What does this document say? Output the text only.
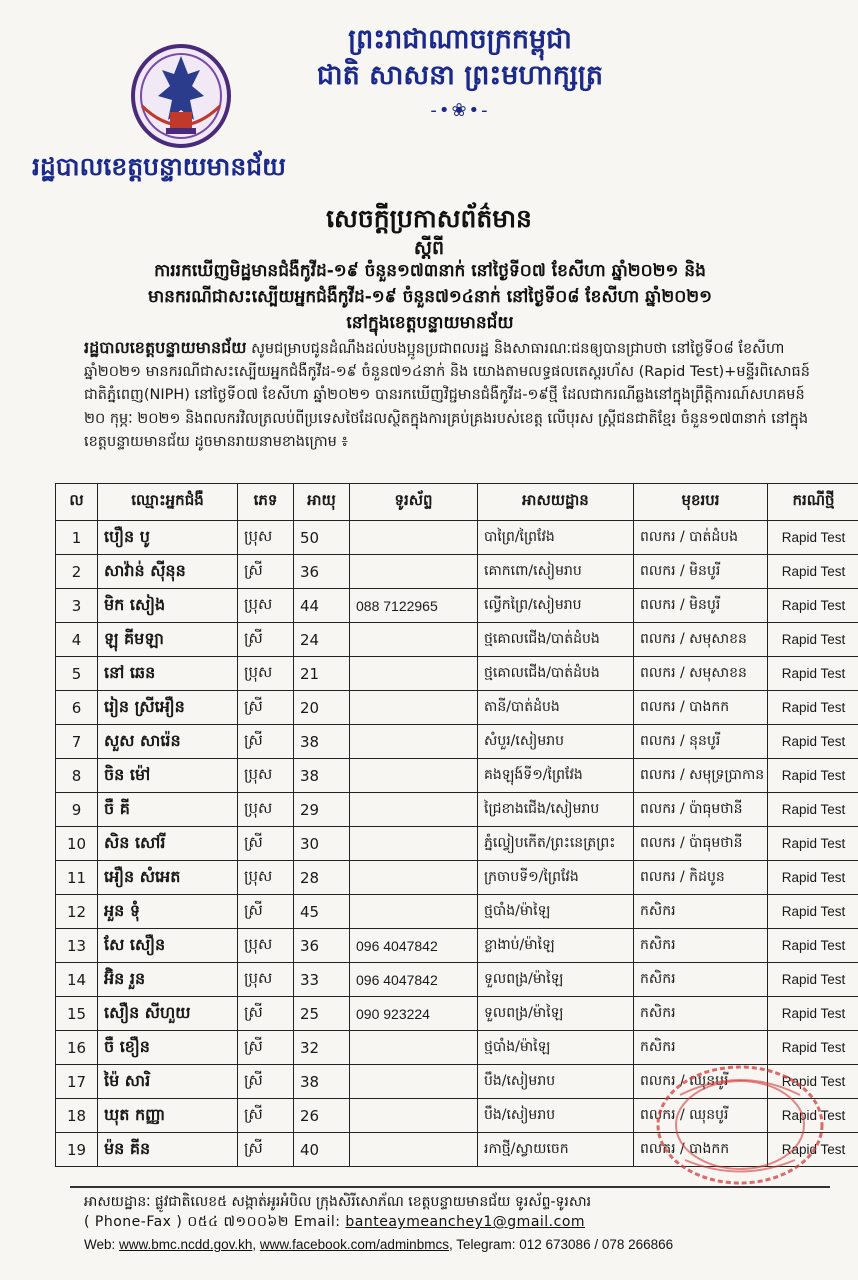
ព្រះរាជាណាចក្រកម្ពុជា
ជាតិ សាសនា ព្រះមហាក្សត្រ
-•❀•-
រដ្ឋបាលខេត្តបន្ទាយមានជ័យ
សេចក្តីប្រកាសព័ត៌មាន
ស្តីពី
ការរកឃើញមិដ្ឋមានជំងឺកូវីដ-១៩ ចំនួន១៧៣នាក់ នៅថ្ងៃទី០៧ ខែសីហា ឆ្នាំ២០២១ និង
មានករណីជាសះស្បើយអ្នកជំងឺកូវីដ-១៩ ចំនួន៧១៤នាក់ នៅថ្ងៃទី០៨ ខែសីហា ឆ្នាំ២០២១
នៅក្នុងខេត្តបន្ទាយមានជ័យ
រដ្ឋបាលខេត្តបន្ទាយមានជ័យ សូមជម្រាបជូនដំណឹងដល់បងប្អូនប្រជាពលរដ្ឋ និងសាធារណៈជនឲ្យបានជ្រាបថា នៅថ្ងៃទី០៨ ខែសីហា ឆ្នាំ២០២១ មានករណីជាសះស្បើយអ្នកជំងឺកូវីដ-១៩ ចំនួន៧១៤នាក់ និង យោងតាមលទ្ធផលតេស្តរហ័ស (Rapid Test)+មន្ទីរពិសោធន៍ជាតិភ្នំពេញ(NIPH) នៅថ្ងៃទី០៧ ខែសីហា ឆ្នាំ២០២១ បានរកឃើញវិជ្ជមានជំងឺកូវីដ-១៩ថ្មី ដែលជាករណីឆ្លងនៅក្នុងព្រឹត្តិការណ៍សហគមន៍ ២០ កុម្ភៈ ២០២១ និងពលករវិលត្រលប់ពីប្រទេសថៃដែលស្ថិតក្នុងការគ្រប់គ្រងរបស់ខេត្ត លើបុរស ស្រ្តីជនជាតិខ្មែរ ចំនួន១៧៣នាក់ នៅក្នុងខេត្តបន្ទាយមានជ័យ ដូចមានរាយនាមខាងក្រោម ៖
ល	ឈ្មោះអ្នកជំងឺ	ភេទ	អាយុ	ទូរស័ព្ទ	អាសយដ្ឋាន	មុខរបរ	ករណីថ្មី
1	បឿន បូ	ប្រុស	50		បាព្រៃ/ព្រៃវែង	ពលករ / បាត់ដំបង	Rapid Test
2	សាវ៉ាន់ ស៊ីនុន	ស្រី	36		គោកពោ/សៀមរាប	ពលករ / មិនបូរី	Rapid Test
3	មិក សៀង	ប្រុស	44	088 7122965	ល្វើកព្រៃ/សៀមរាប	ពលករ / មិនបូរី	Rapid Test
4	ឡុ គីមឡា	ស្រី	24		ថ្មគោលជើង/បាត់ដំបង	ពលករ / សមុសាខន	Rapid Test
5	នៅ ឆេន	ប្រុស	21		ថ្មគោលជើង/បាត់ដំបង	ពលករ / សមុសាខន	Rapid Test
6	រៀន ស្រីអឿន	ស្រី	20		តានី/បាត់ដំបង	ពលករ / បាងកក	Rapid Test
7	សួស សារ៉េន	ស្រី	38		សំបួរ/សៀមរាប	ពលករ / នុនបូរី	Rapid Test
8	ចិន ម៉ៅ	ប្រុស	38		គងឡុង៍ទី១/ព្រៃវែង	ពលករ / សមុទ្រប្រាកាន	Rapid Test
9	ចឺ គី	ប្រុស	29		ជ្រៃខាងជើង/សៀមរាប	ពលករ / ប៉ាធុមថានី	Rapid Test
10	សិន សៅរី	ស្រី	30		ភ្នំល្វៀបកើត/ព្រះនេត្រព្រះ	ពលករ / ប៉ាធុមថានី	Rapid Test
11	អឿន សំអេត	ប្រុស	28		ក្រចាបទី១/ព្រៃវែង	ពលករ / កិដបូន	Rapid Test
12	អួន ទុំ	ស្រី	45		ថ្មបាំង/ម៉ាឡៃ	កសិករ	Rapid Test
13	សែ សឿន	ប្រុស	36	096 4047842	ខ្លាងាប់/ម៉ាឡៃ	កសិករ	Rapid Test
14	អ៊ិន រួន	ប្រុស	33	096 4047842	ទួលពង្រ/ម៉ាឡៃ	កសិករ	Rapid Test
15	សឿន សីហួយ	ស្រី	25	090 923224	ទួលពង្រ/ម៉ាឡៃ	កសិករ	Rapid Test
16	ចឺ ខឿន	ស្រី	32		ថ្មបាំង/ម៉ាឡៃ	កសិករ	Rapid Test
17	ម៉ៃ សារិ	ស្រី	38		បឹង/សៀមរាប	ពលករ / ឈុនបូរី	Rapid Test
18	ឃុត កញ្ញា	ស្រី	26		បឹង/សៀមរាប	ពលករ / ឈុនបូរី	Rapid Test
19	ម៉ន គីន	ស្រី	40		រកាថ្មី/ស្វាយចេក	ពលករ / បាងកក	Rapid Test
អាសយដ្ឋានៈ ផ្លូវជាតិលេខ៥ សង្កាត់អូរអំបិល ក្រុងសិរីសោភ័ណ ខេត្តបន្ទាយមានជ័យ ទូរស័ព្ទ-ទូរសារ
( Phone-Fax ) ០៥៤ ៧១០០៦២ Email: banteaymeanchey1@gmail.com
Web: www.bmc.ncdd.gov.kh, www.facebook.com/adminbmcs, Telegram: 012 673086 / 078 266866
